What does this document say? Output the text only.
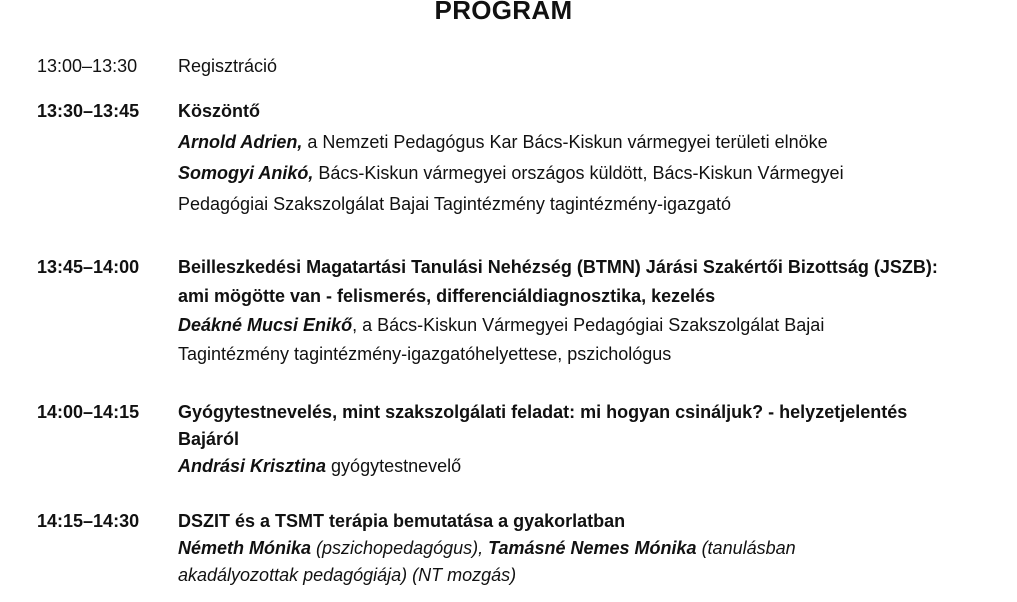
PROGRAM
13:00–13:30 Regisztráció
13:30–13:45 Köszöntő
Arnold Adrien, a Nemzeti Pedagógus Kar Bács-Kiskun vármegyei területi elnöke
Somogyi Anikó, Bács-Kiskun vármegyei országos küldött, Bács-Kiskun Vármegyei
Pedagógiai Szakszolgálat Bajai Tagintézmény tagintézmény-igazgató
13:45–14:00 Beilleszkedési Magatartási Tanulási Nehézség (BTMN) Járási Szakértői Bizottság (JSZB):
ami mögötte van - felismerés, differenciáldiagnosztika, kezelés
Deákné Mucsi Enikő, a Bács-Kiskun Vármegyei Pedagógiai Szakszolgálat Bajai
Tagintézmény tagintézmény-igazgatóhelyettese, pszichológus
14:00–14:15 Gyógytestnevelés, mint szakszolgálati feladat: mi hogyan csináljuk? - helyzetjelentés
Bajáról
Andrási Krisztina gyógytestnevelő
14:15–14:30 DSZIT és a TSMT terápia bemutatása a gyakorlatban
Németh Mónika (pszichopedagógus), Tamásné Nemes Mónika (tanulásban
akadályozottak pedagógiája) (NT mozgás)
